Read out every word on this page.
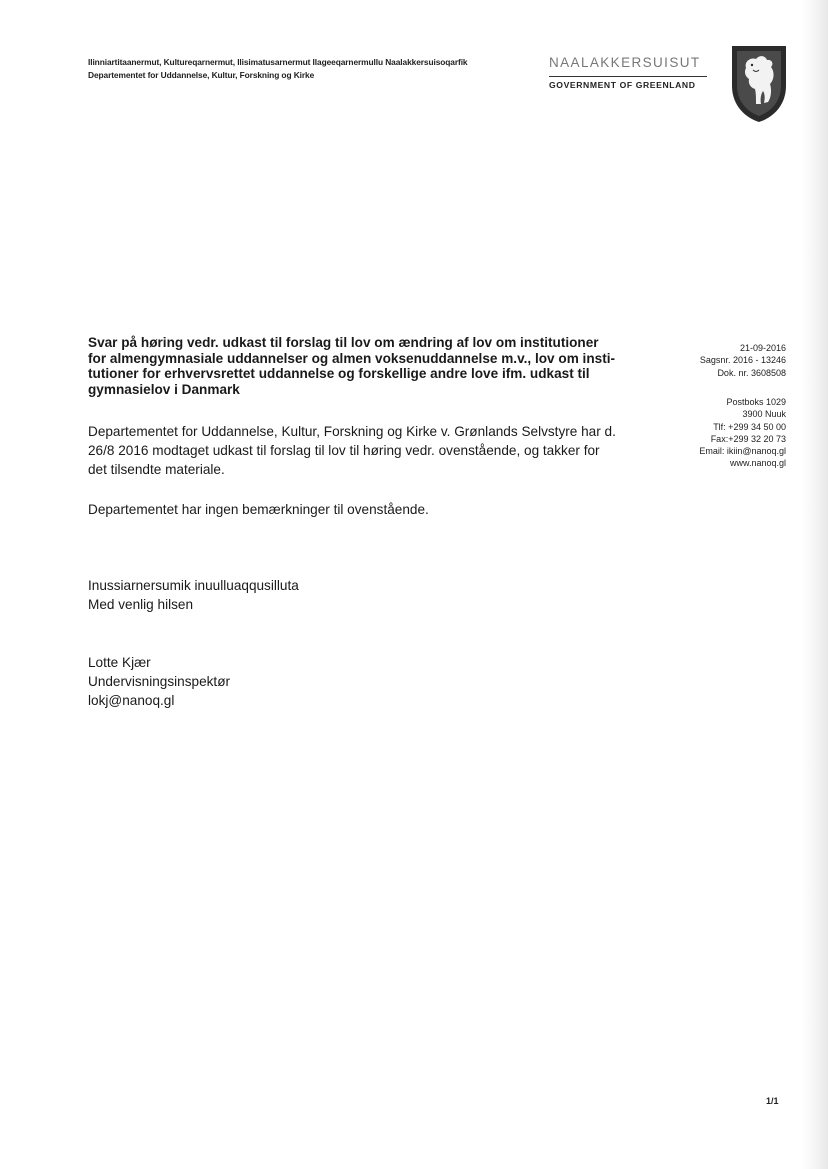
Ilinniartitaanermut, Kultureqarnermut, Ilisimatusarnermut Ilageeqarnermullu Naalakkersuisoqarfik
Departementet for Uddannelse, Kultur, Forskning og Kirke
NAALAKKERSUISUT
GOVERNMENT OF GREENLAND
Svar på høring vedr. udkast til forslag til lov om ændring af lov om institutioner
for almengymnasiale uddannelser og almen voksenuddannelse m.v., lov om insti-
tutioner for erhvervsrettet uddannelse og forskellige andre love ifm. udkast til
gymnasielov i Danmark
21-09-2016
Sagsnr. 2016 - 13246
Dok. nr. 3608508
Postboks 1029
3900 Nuuk
Tlf: +299 34 50 00
Fax:+299 32 20 73
Email: ikiin@nanoq.gl
www.nanoq.gl
Departementet for Uddannelse, Kultur, Forskning og Kirke v. Grønlands Selvstyre har d.
26/8 2016 modtaget udkast til forslag til lov til høring vedr. ovenstående, og takker for
det tilsendte materiale.
Departementet har ingen bemærkninger til ovenstående.
Inussiarnersumik inuulluaqqusilluta
Med venlig hilsen
Lotte Kjær
Undervisningsinspektør
lokj@nanoq.gl
1/1
